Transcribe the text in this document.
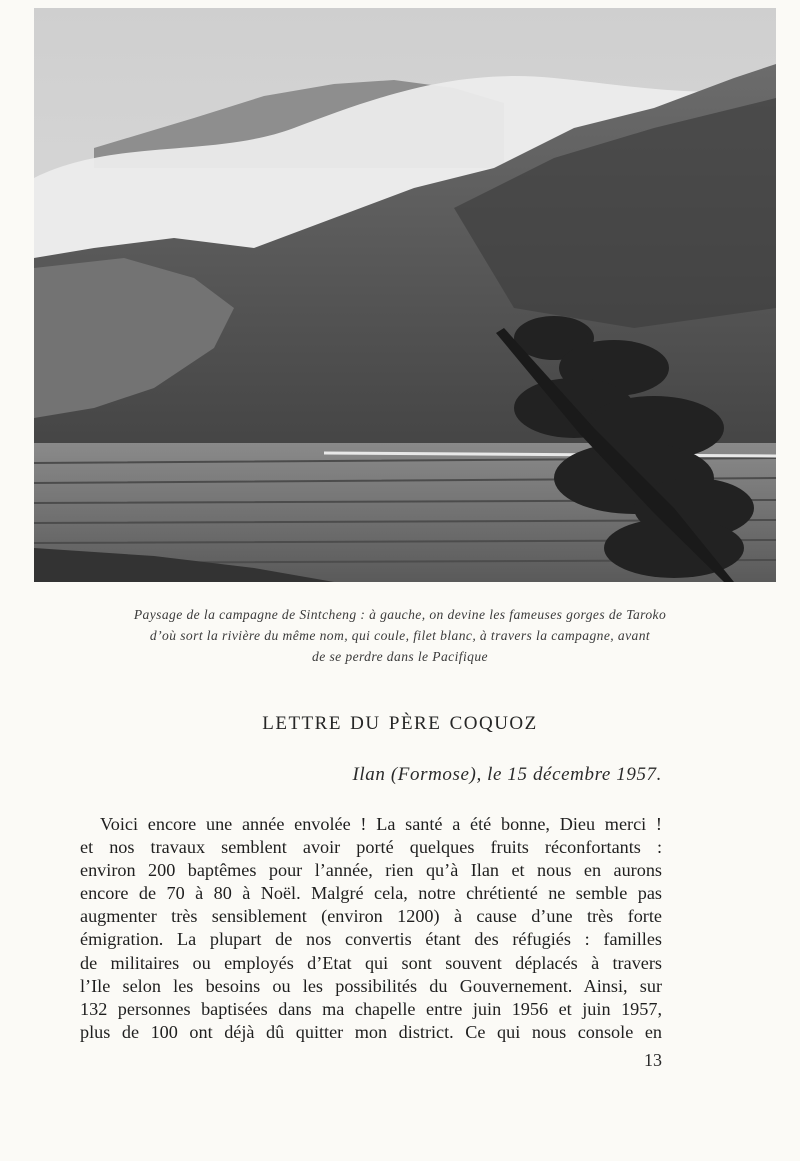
Paysage de la campagne de Sintcheng : à gauche, on devine les fameuses gorges de Taroko
d’où sort la rivière du même nom, qui coule, filet blanc, à travers la campagne, avant
de se perdre dans le Pacifique
lettre du père coquoz
Ilan (Formose), le 15 décembre 1957.
Voici encore une année envolée ! La santé a été bonne, Dieu merci !
et nos travaux semblent avoir porté quelques fruits réconfortants :
environ 200 baptêmes pour l’année, rien qu’à Ilan et nous en aurons
encore de 70 à 80 à Noël. Malgré cela, notre chrétienté ne semble pas
augmenter très sensiblement (environ 1200) à cause d’une très forte
émigration. La plupart de nos convertis étant des réfugiés : familles
de militaires ou employés d’Etat qui sont souvent déplacés à travers
l’Ile selon les besoins ou les possibilités du Gouvernement. Ainsi, sur
132 personnes baptisées dans ma chapelle entre juin 1956 et juin 1957,
plus de 100 ont déjà dû quitter mon district. Ce qui nous console en
13
